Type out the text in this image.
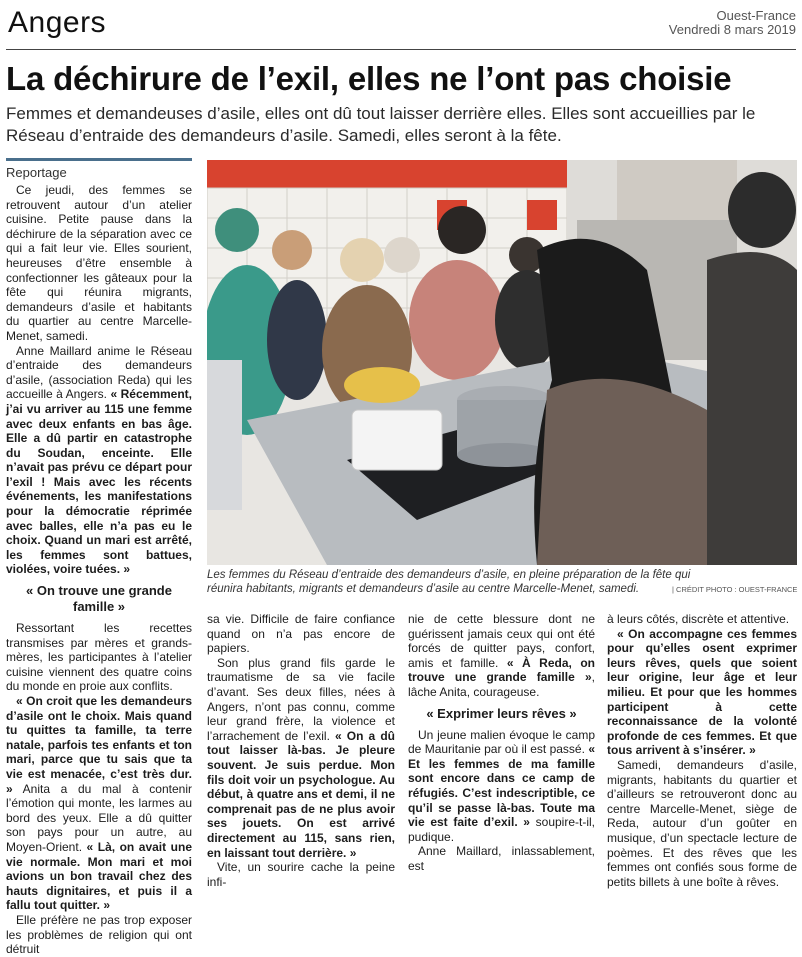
Angers	Ouest-France
Vendredi 8 mars 2019
La déchirure de l’exil, elles ne l’ont pas choisie
Femmes et demandeuses d’asile, elles ont dû tout laisser derrière elles. Elles sont accueillies par le Réseau d’entraide des demandeurs d’asile. Samedi, elles seront à la fête.
Reportage

Ce jeudi, des femmes se retrouvent autour d’un atelier cuisine. Petite pause dans la déchirure de la séparation avec ce qui a fait leur vie. Elles sourient, heureuses d’être ensemble à confectionner les gâteaux pour la fête qui réunira migrants, demandeurs d’asile et habitants du quartier au centre Marcelle-Menet, samedi.

Anne Maillard anime le Réseau d’entraide des demandeurs d’asile, (association Reda) qui les accueille à Angers. « Récemment, j’ai vu arriver au 115 une femme avec deux enfants en bas âge. Elle a dû partir en catastrophe du Soudan, enceinte. Elle n’avait pas prévu ce départ pour l’exil ! Mais avec les récents événements, les manifestations pour la démocratie réprimée avec balles, elle n’a pas eu le choix. Quand un mari est arrêté, les femmes sont battues, violées, voire tuées. »

« On trouve une grande famille »

Ressortant les recettes transmises par mères et grands-mères, les participantes à l’atelier cuisine viennent des quatre coins du monde en proie aux conflits.

« On croit que les demandeurs d’asile ont le choix. Mais quand tu quittes ta famille, ta terre natale, parfois tes enfants et ton mari, parce que tu sais que ta vie est menacée, c’est très dur. » Anita a du mal à contenir l’émotion qui monte, les larmes au bord des yeux. Elle a dû quitter son pays pour un autre, au Moyen-Orient. « Là, on avait une vie normale. Mon mari et moi avions un bon travail chez des hauts dignitaires, et puis il a fallu tout quitter. »

Elle préfère ne pas trop exposer les problèmes de religion qui ont détruit

Les femmes du Réseau d’entraide des demandeurs d’asile, en pleine préparation de la fête qui réunira habitants, migrants et demandeurs d’asile au centre Marcelle-Menet, samedi.	| CRÉDIT PHOTO : OUEST-FRANCE

sa vie. Difficile de faire confiance quand on n’a pas encore de papiers.

Son plus grand fils garde le traumatisme de sa vie facile d’avant. Ses deux filles, nées à Angers, n’ont pas connu, comme leur grand frère, la violence et l’arrachement de l’exil. « On a dû tout laisser là-bas. Je pleure souvent. Je suis perdue. Mon fils doit voir un psychologue. Au début, à quatre ans et demi, il ne comprenait pas de ne plus avoir ses jouets. On est arrivé directement au 115, sans rien, en laissant tout derrière. »

Vite, un sourire cache la peine infi-

nie de cette blessure dont ne guérissent jamais ceux qui ont été forcés de quitter pays, confort, amis et famille. « À Reda, on trouve une grande famille », lâche Anita, courageuse.

« Exprimer leurs rêves »

Un jeune malien évoque le camp de Mauritanie par où il est passé. « Et les femmes de ma famille sont encore dans ce camp de réfugiés. C’est indescriptible, ce qu’il se passe là-bas. Toute ma vie est faite d’exil. » soupire-t-il, pudique.

Anne Maillard, inlassablement, est

à leurs côtés, discrète et attentive.

« On accompagne ces femmes pour qu’elles osent exprimer leurs rêves, quels que soient leur origine, leur âge et leur milieu. Et pour que les hommes participent à cette reconnaissance de la volonté profonde de ces femmes. Et que tous arrivent à s’insérer. »

Samedi, demandeurs d’asile, migrants, habitants du quartier et d’ailleurs se retrouveront donc au centre Marcelle-Menet, siège de Reda, autour d’un goûter en musique, d’un spectacle lecture de poèmes. Et des rêves que les femmes ont confiés sous forme de petits billets à une boîte à rêves.
